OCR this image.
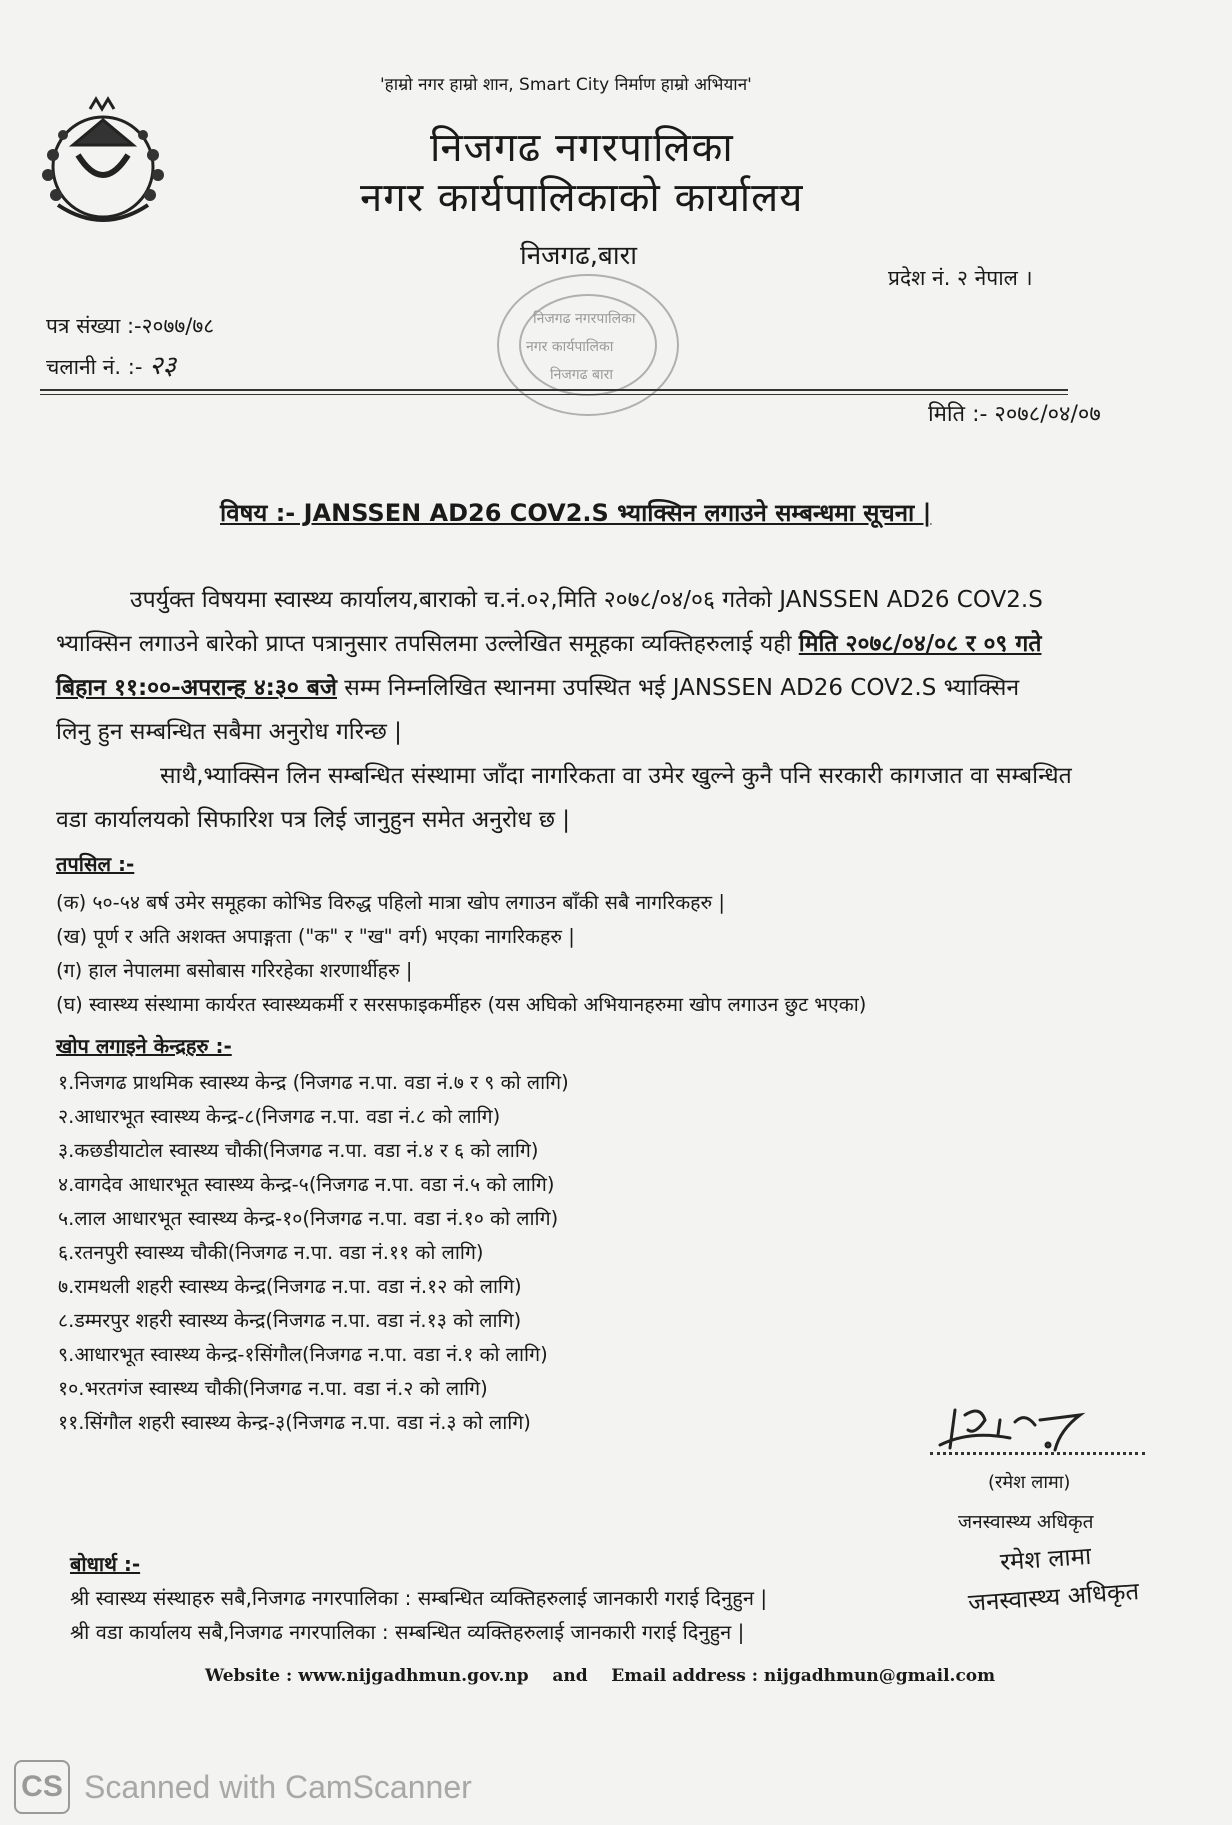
'हाम्रो नगर हाम्रो शान, Smart City निर्माण हाम्रो अभियान'
निजगढ नगरपालिका
नगर कार्यपालिकाको कार्यालय
निजगढ,बारा
प्रदेश नं. २ नेपाल ।
पत्र संख्या :-२०७७/७८
चलानी नं. :- २३
निजगढ नगरपालिका
नगर कार्यपालिका
निजगढ बारा
मिति :- २०७८/०४/०७
विषय :- JANSSEN AD26 COV2.S भ्याक्सिन लगाउने सम्बन्धमा सूचना |
उपर्युक्त विषयमा स्वास्थ्य कार्यालय,बाराको च.नं.०२,मिति २०७८/०४/०६ गतेको JANSSEN AD26 COV2.S
भ्याक्सिन लगाउने बारेको प्राप्त पत्रानुसार तपसिलमा उल्लेखित समूहका व्यक्तिहरुलाई यही मिति २०७८/०४/०८ र ०९ गते
बिहान ११:००-अपरान्ह ४:३० बजे सम्म निम्नलिखित स्थानमा उपस्थित भई JANSSEN AD26 COV2.S भ्याक्सिन
लिनु हुन सम्बन्धित सबैमा अनुरोध गरिन्छ |
साथै,भ्याक्सिन लिन सम्बन्धित संस्थामा जाँदा नागरिकता वा उमेर खुल्ने कुनै पनि सरकारी कागजात वा सम्बन्धित
वडा कार्यालयको सिफारिश पत्र लिई जानुहुन समेत अनुरोध छ |
तपसिल :-
(क) ५०-५४ बर्ष उमेर समूहका कोभिड विरुद्ध पहिलो मात्रा खोप लगाउन बाँकी सबै नागरिकहरु |
(ख) पूर्ण र अति अशक्त अपाङ्गता ("क" र "ख" वर्ग) भएका नागरिकहरु |
(ग) हाल नेपालमा बसोबास गरिरहेका शरणार्थीहरु |
(घ) स्वास्थ्य संस्थामा कार्यरत स्वास्थ्यकर्मी र सरसफाइकर्मीहरु (यस अघिको अभियानहरुमा खोप लगाउन छुट भएका)
खोप लगाइने केन्द्रहरु :-
१.निजगढ प्राथमिक स्वास्थ्य केन्द्र (निजगढ न.पा. वडा नं.७ र ९ को लागि)
२.आधारभूत स्वास्थ्य केन्द्र-८(निजगढ न.पा. वडा नं.८ को लागि)
३.कछडीयाटोल स्वास्थ्य चौकी(निजगढ न.पा. वडा नं.४ र ६ को लागि)
४.वागदेव आधारभूत स्वास्थ्य केन्द्र-५(निजगढ न.पा. वडा नं.५ को लागि)
५.लाल आधारभूत स्वास्थ्य केन्द्र-१०(निजगढ न.पा. वडा नं.१० को लागि)
६.रतनपुरी स्वास्थ्य चौकी(निजगढ न.पा. वडा नं.११ को लागि)
७.रामथली शहरी स्वास्थ्य केन्द्र(निजगढ न.पा. वडा नं.१२ को लागि)
८.डम्मरपुर शहरी स्वास्थ्य केन्द्र(निजगढ न.पा. वडा नं.१३ को लागि)
९.आधारभूत स्वास्थ्य केन्द्र-१सिंगौल(निजगढ न.पा. वडा नं.१ को लागि)
१०.भरतगंज स्वास्थ्य चौकी(निजगढ न.पा. वडा नं.२ को लागि)
११.सिंगौल शहरी स्वास्थ्य केन्द्र-३(निजगढ न.पा. वडा नं.३ को लागि)
(रमेश लामा)
जनस्वास्थ्य अधिकृत
रमेश लामा
जनस्वास्थ्य अधिकृत
बोधार्थ :-
श्री स्वास्थ्य संस्थाहरु सबै,निजगढ नगरपालिका : सम्बन्धित व्यक्तिहरुलाई जानकारी गराई दिनुहुन |
श्री वडा कार्यालय सबै,निजगढ नगरपालिका : सम्बन्धित व्यक्तिहरुलाई जानकारी गराई दिनुहुन |
Website : www.nijgadhmun.gov.np and Email address : nijgadhmun@gmail.com
CS Scanned with CamScanner
